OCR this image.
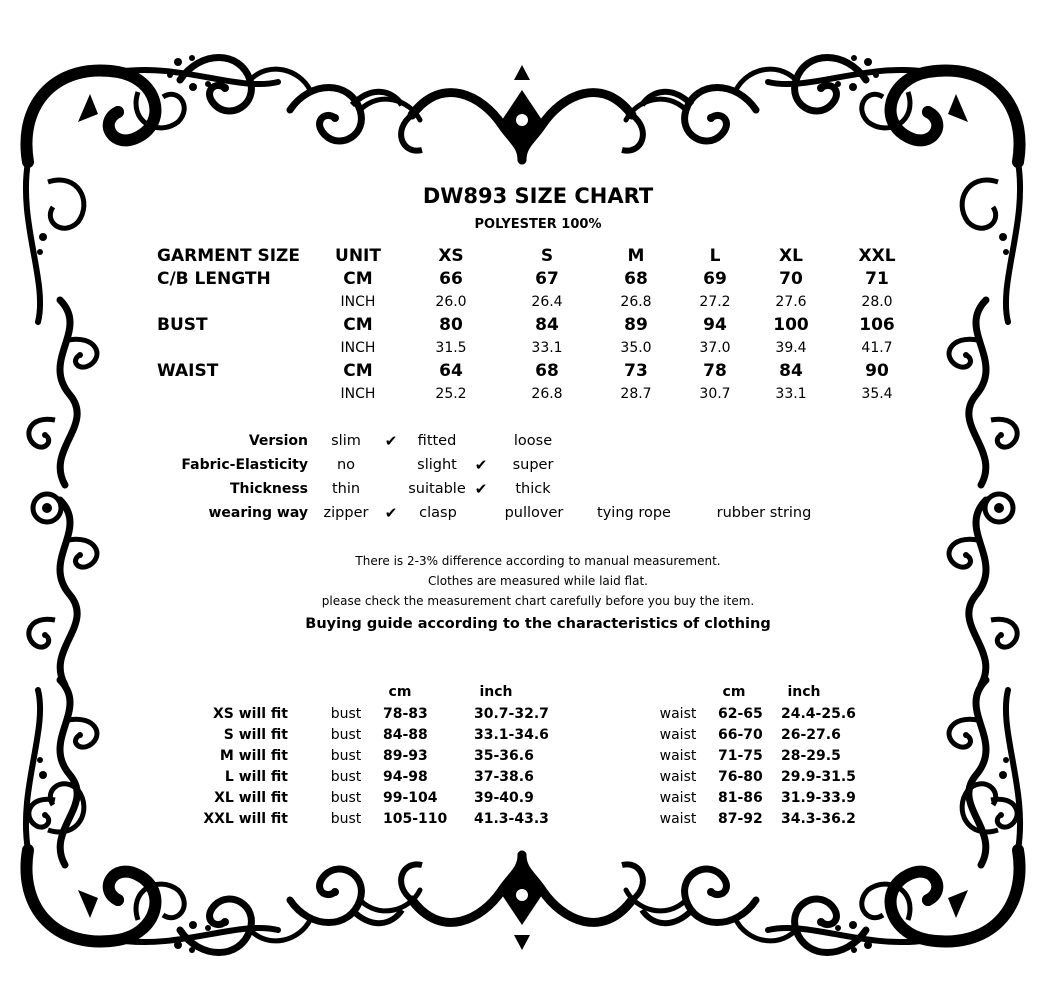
DW893 SIZE CHART
POLYESTER 100%
GARMENT SIZE UNIT	XS	S	M	L	XL	XXL
C/B LENGTH	CM	66	67	68	69	70	71
INCH	26.0	26.4	26.8	27.2	27.6	28.0
BUST	CM	80	84	89	94	100	106
INCH	31.5	33.1	35.0	37.0	39.4	41.7
WAIST	CM	64	68	73	78	84	90
INCH	25.2	26.8	28.7	30.7	33.1	35.4
Version slim ✔ fitted	loose
Fabric-Elasticity no	slight ✔ super
Thickness thin	suitable ✔ thick
wearing way zipper ✔ clasp	pullover tying rope	rubber string
There is 2-3% difference according to manual measurement.
Clothes are measured while laid flat.
please check the measurement chart carefully before you buy the item.
Buying guide according to the characteristics of clothing
cm	inch	cm	inch
XS will fit	bust 78-83	30.7-32.7	waist 62-65 24.4-25.6
S will fit	bust 84-88	33.1-34.6	waist 66-70 26-27.6
M will fit	bust 89-93	35-36.6	waist 71-75 28-29.5
L will fit	bust 94-98	37-38.6	waist 76-80 29.9-31.5
XL will fit	bust 99-104	39-40.9	waist 81-86 31.9-33.9
XXL will fit	bust 105-110 41.3-43.3	waist 87-92 34.3-36.2
